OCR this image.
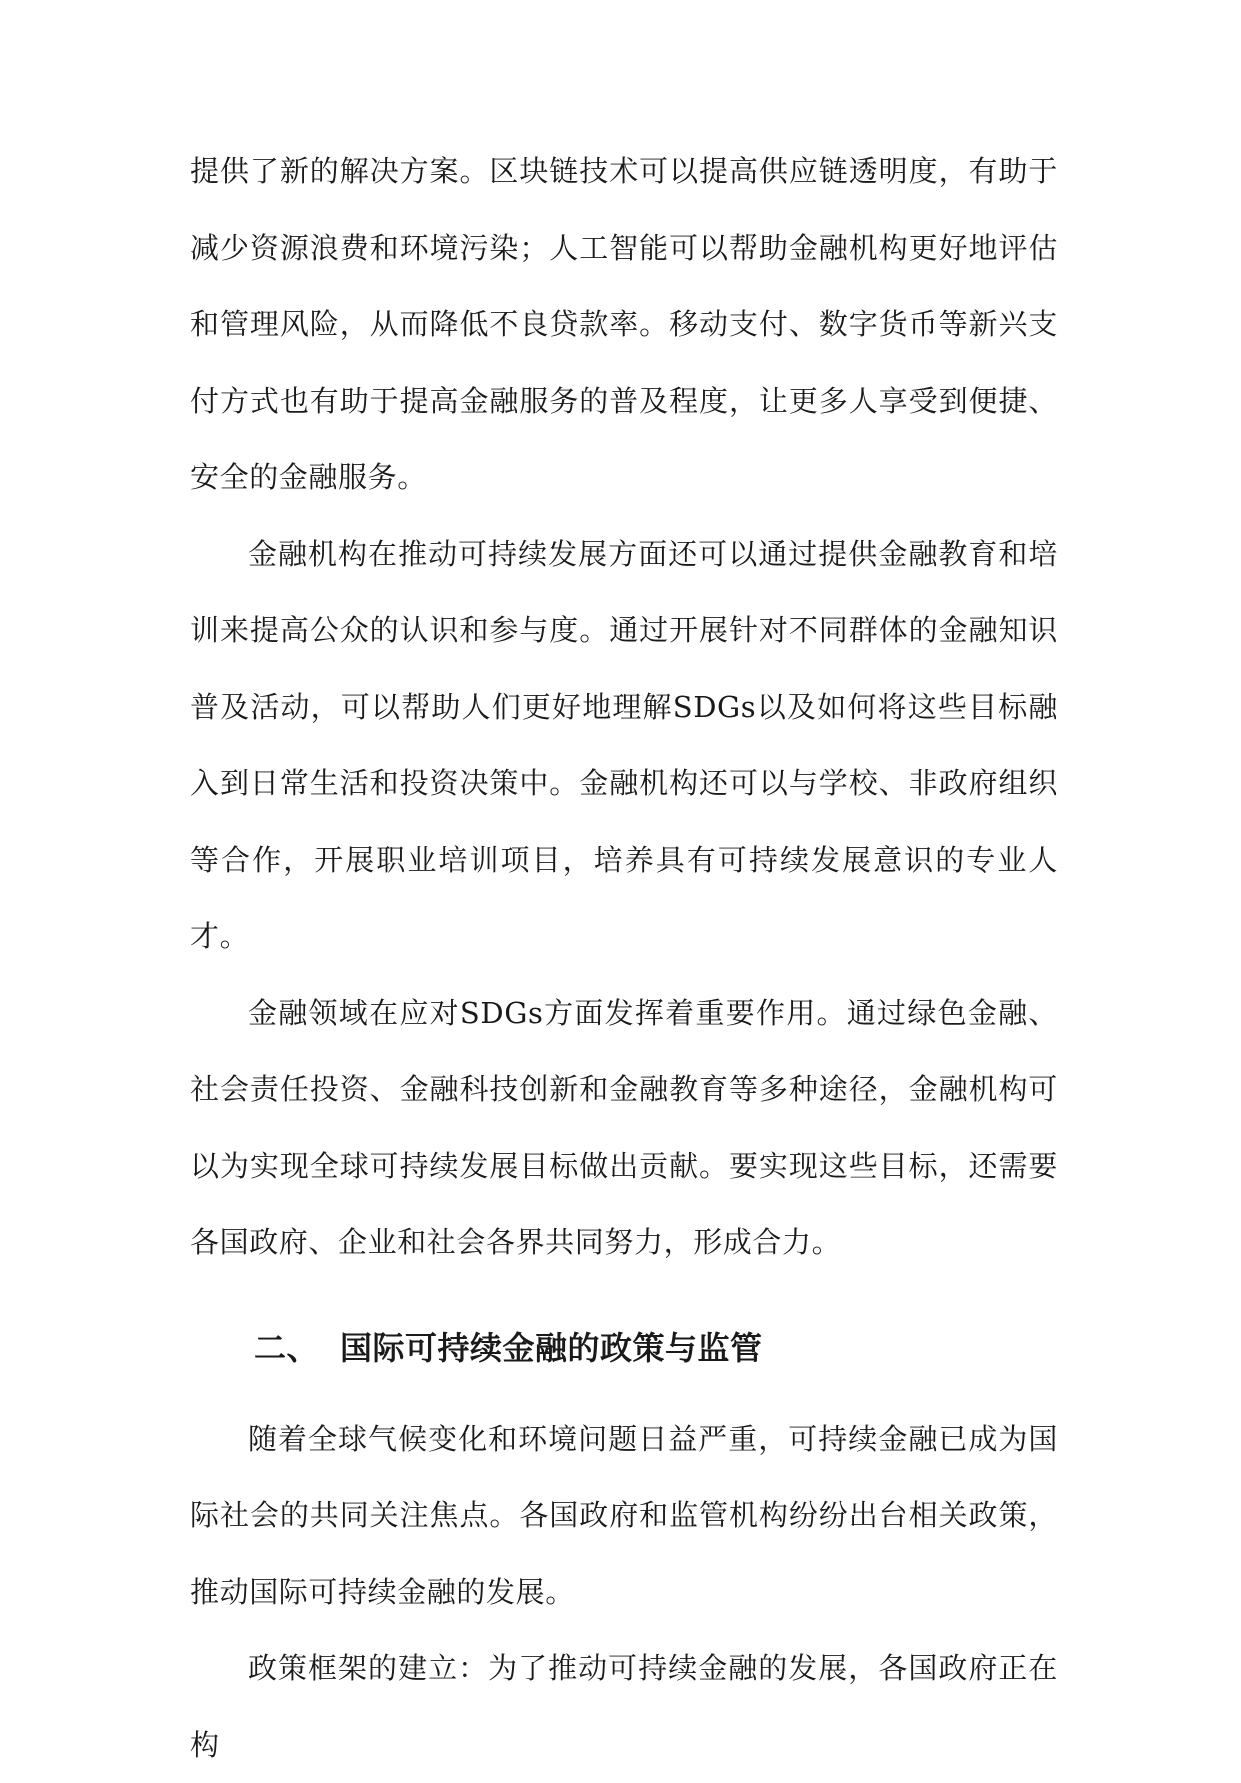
提供了新的解决方案。区块链技术可以提高供应链透明度，有助于减少资源浪费和环境污染；人工智能可以帮助金融机构更好地评估和管理风险，从而降低不良贷款率。移动支付、数字货币等新兴支付方式也有助于提高金融服务的普及程度，让更多人享受到便捷、安全的金融服务。

金融机构在推动可持续发展方面还可以通过提供金融教育和培训来提高公众的认识和参与度。通过开展针对不同群体的金融知识普及活动，可以帮助人们更好地理解SDGs以及如何将这些目标融入到日常生活和投资决策中。金融机构还可以与学校、非政府组织等合作，开展职业培训项目，培养具有可持续发展意识的专业人才。

金融领域在应对SDGs方面发挥着重要作用。通过绿色金融、社会责任投资、金融科技创新和金融教育等多种途径，金融机构可以为实现全球可持续发展目标做出贡献。要实现这些目标，还需要各国政府、企业和社会各界共同努力，形成合力。

二、 国际可持续金融的政策与监管

随着全球气候变化和环境问题日益严重，可持续金融已成为国际社会的共同关注焦点。各国政府和监管机构纷纷出台相关政策，推动国际可持续金融的发展。

政策框架的建立：为了推动可持续金融的发展，各国政府正在构
